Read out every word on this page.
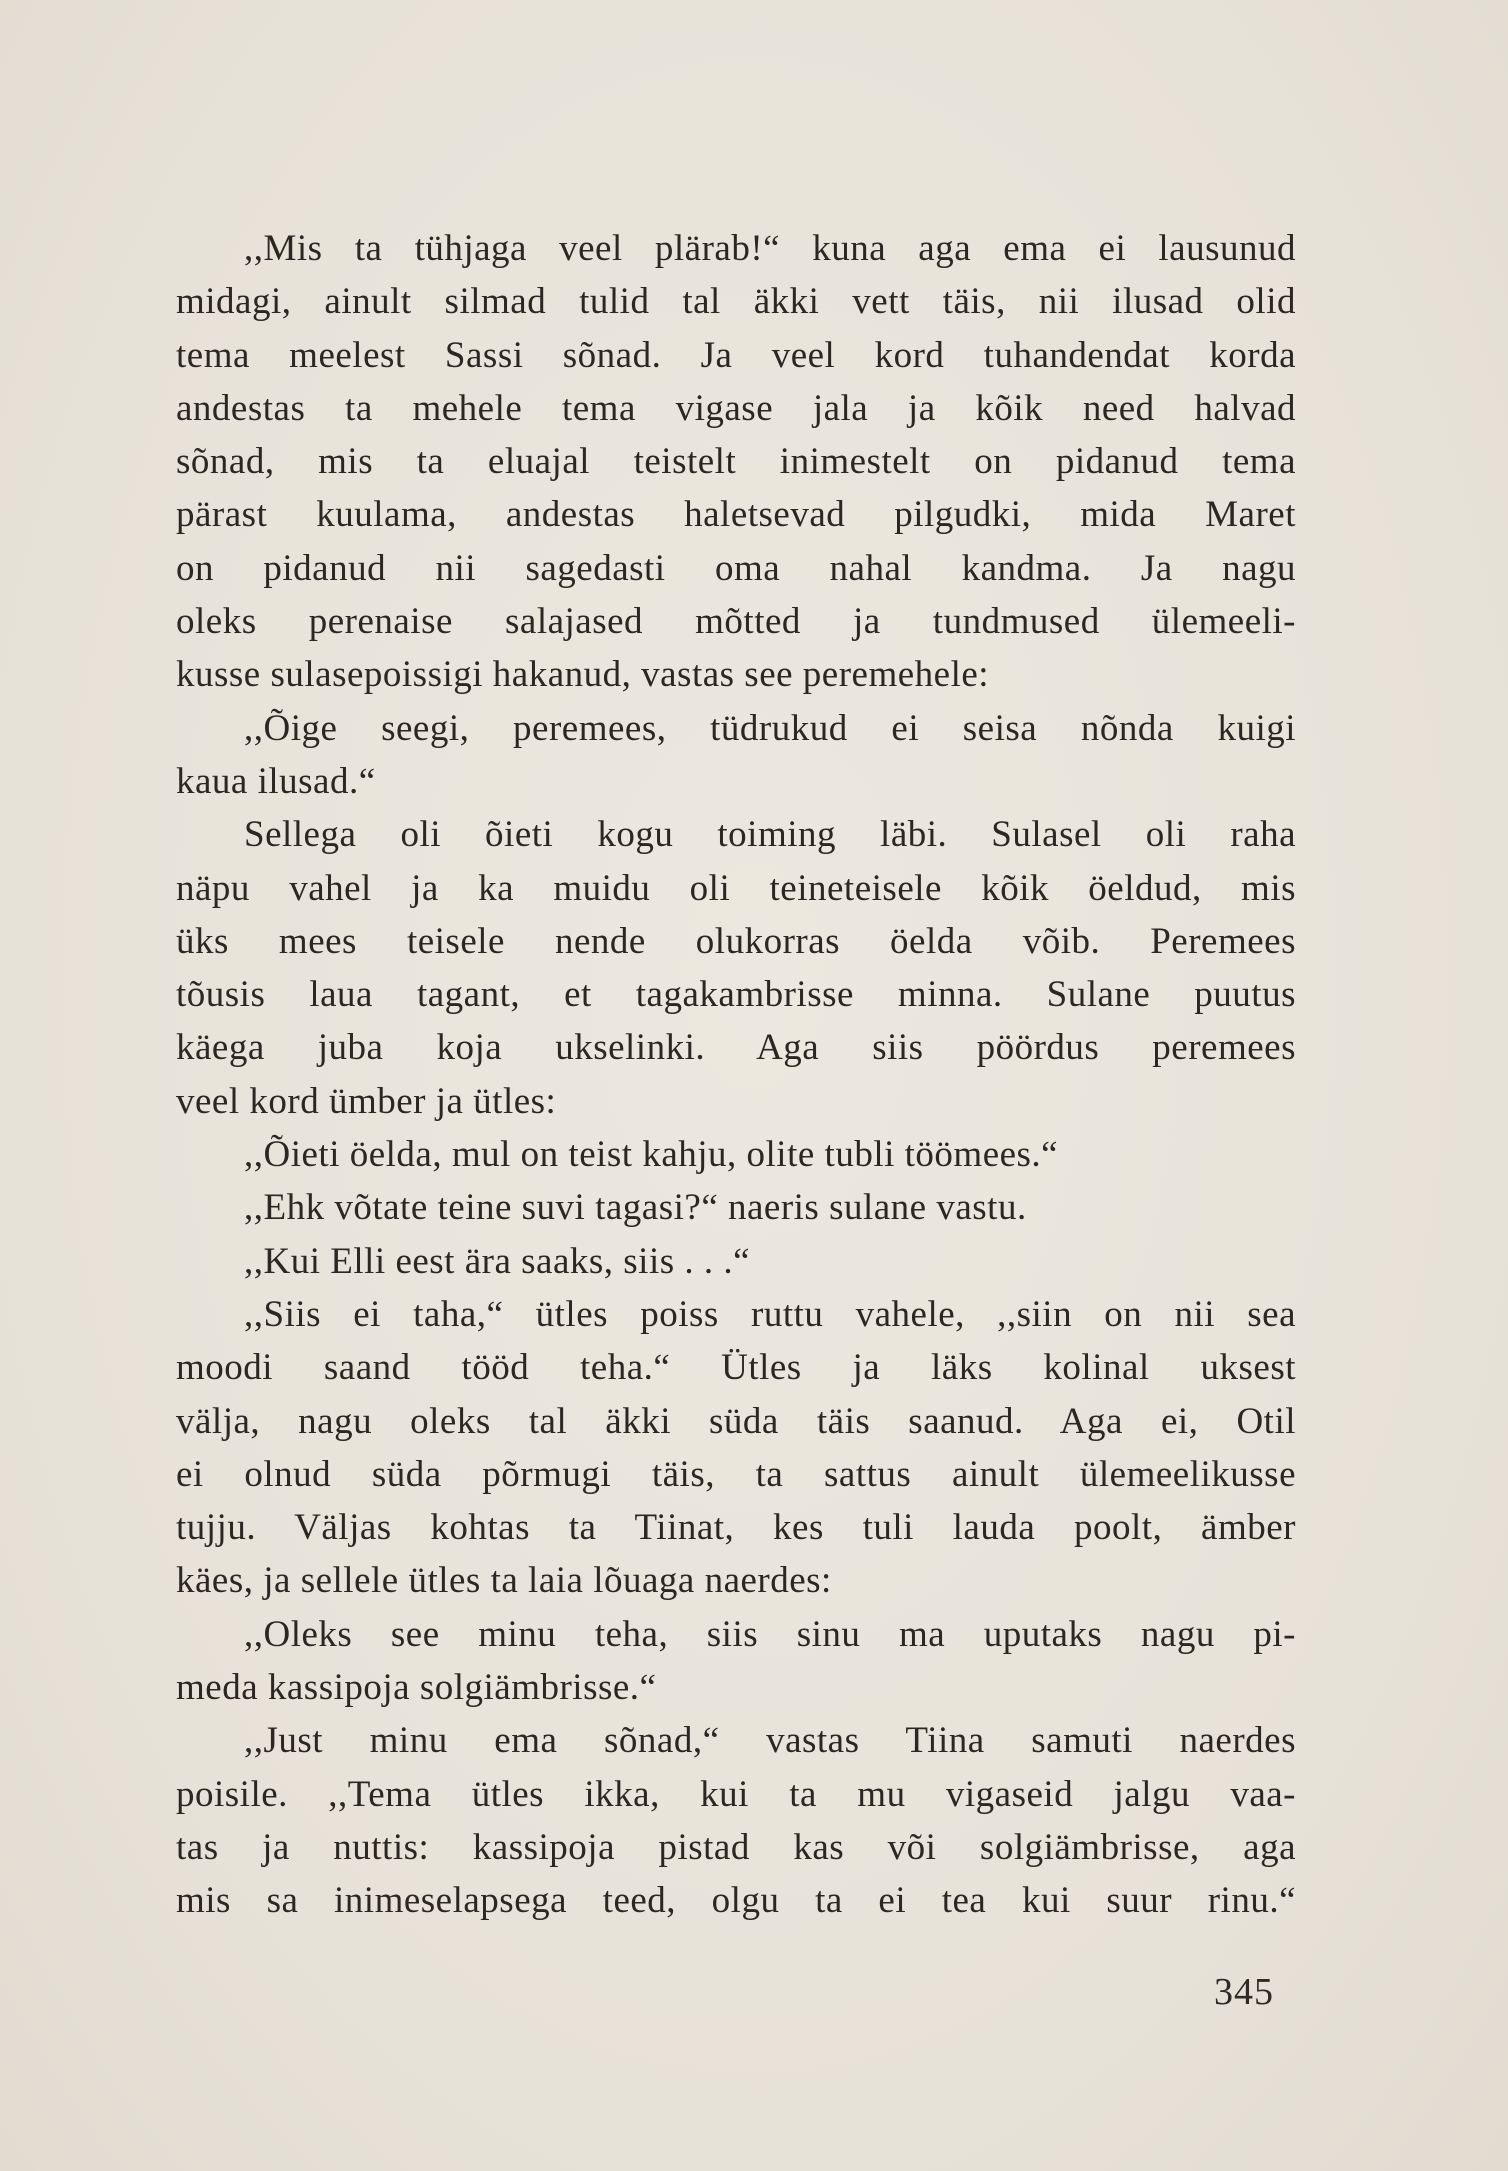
,,Mis ta tühjaga veel plärab!“ kuna aga ema ei lausunud
midagi, ainult silmad tulid tal äkki vett täis, nii ilusad olid
tema meelest Sassi sõnad. Ja veel kord tuhandendat korda
andestas ta mehele tema vigase jala ja kõik need halvad
sõnad, mis ta eluajal teistelt inimestelt on pidanud tema
pärast kuulama, andestas haletsevad pilgudki, mida Maret
on pidanud nii sagedasti oma nahal kandma. Ja nagu
oleks perenaise salajased mõtted ja tundmused ülemeeli-
kusse sulasepoissigi hakanud, vastas see peremehele:
,,Õige seegi, peremees, tüdrukud ei seisa nõnda kuigi
kaua ilusad.“
Sellega oli õieti kogu toiming läbi. Sulasel oli raha
näpu vahel ja ka muidu oli teineteisele kõik öeldud, mis
üks mees teisele nende olukorras öelda võib. Peremees
tõusis laua tagant, et tagakambrisse minna. Sulane puutus
käega juba koja ukselinki. Aga siis pöördus peremees
veel kord ümber ja ütles:
,,Õieti öelda, mul on teist kahju, olite tubli töömees.“
,,Ehk võtate teine suvi tagasi?“ naeris sulane vastu.
,,Kui Elli eest ära saaks, siis . . .“
,,Siis ei taha,“ ütles poiss ruttu vahele, ,,siin on nii sea
moodi saand tööd teha.“ Ütles ja läks kolinal uksest
välja, nagu oleks tal äkki süda täis saanud. Aga ei, Otil
ei olnud süda põrmugi täis, ta sattus ainult ülemeelikusse
tujju. Väljas kohtas ta Tiinat, kes tuli lauda poolt, ämber
käes, ja sellele ütles ta laia lõuaga naerdes:
,,Oleks see minu teha, siis sinu ma uputaks nagu pi-
meda kassipoja solgiämbrisse.“
,,Just minu ema sõnad,“ vastas Tiina samuti naerdes
poisile. ,,Tema ütles ikka, kui ta mu vigaseid jalgu vaa-
tas ja nuttis: kassipoja pistad kas või solgiämbrisse, aga
mis sa inimeselapsega teed, olgu ta ei tea kui suur rinu.“
345
